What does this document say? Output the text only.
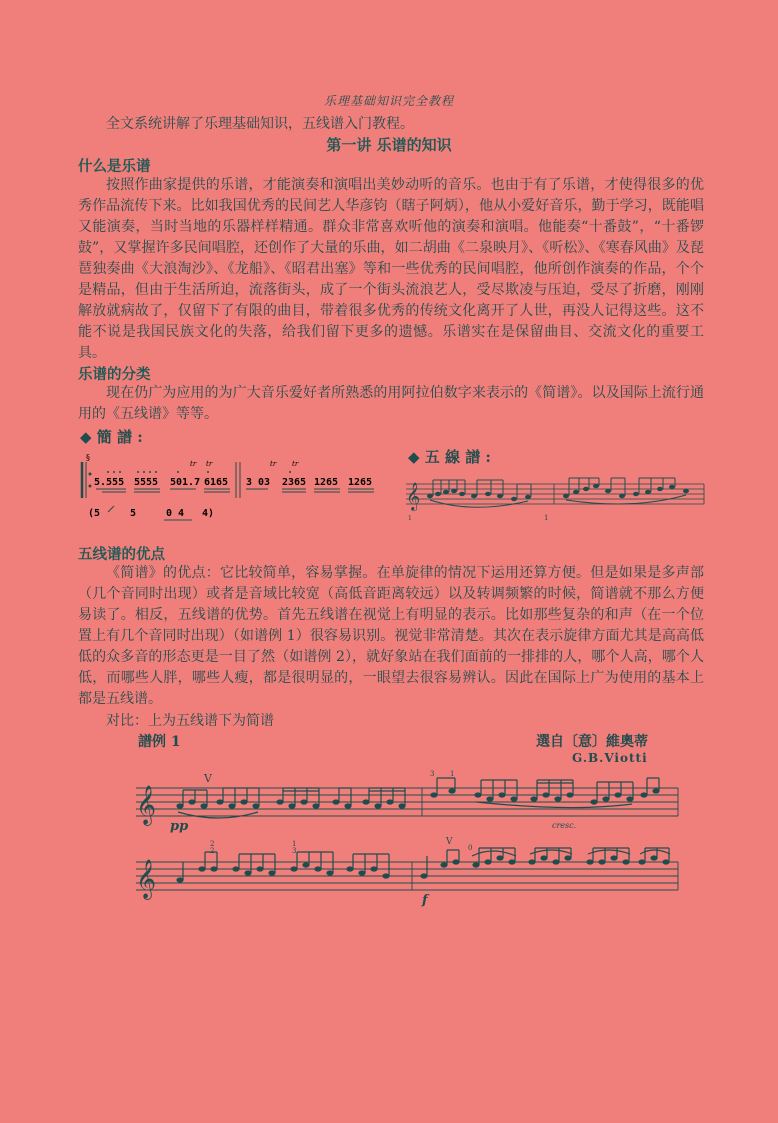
乐理基础知识完全教程
全文系统讲解了乐理基础知识，五线谱入门教程。
第一讲 乐谱的知识
什么是乐谱

按照作曲家提供的乐谱，才能演奏和演唱出美妙动听的音乐。也由于有了乐谱，才使得很多的优秀作品流传下来。比如我国优秀的民间艺人华彦钧（瞎子阿炳），他从小爱好音乐，勤于学习，既能唱又能演奏，当时当地的乐器样样精通。群众非常喜欢听他的演奏和演唱。他能奏“十番鼓”，“十番锣鼓”，又掌握许多民间唱腔，还创作了大量的乐曲，如二胡曲《二泉映月》、《听松》、《寒春风曲》及琵琶独奏曲《大浪淘沙》、《龙船》、《昭君出塞》等和一些优秀的民间唱腔，他所创作演奏的作品，个个是精品，但由于生活所迫，流落街头，成了一个街头流浪艺人，受尽欺凌与压迫，受尽了折磨，刚刚解放就病故了，仅留下了有限的曲目，带着很多优秀的传统文化离开了人世，再没人记得这些。这不能不说是我国民族文化的失落，给我们留下更多的遗憾。乐谱实在是保留曲目、交流文化的重要工具。

乐谱的分类

现在仍广为应用的为广大音乐爱好者所熟悉的用阿拉伯数字来表示的《简谱》。以及国际上流行通用的《五线谱》等等。

◆ 簡 譜 :
§
tr tr	tr tr
5.555 5555 501.7 6165 3 03 2365 1265 1265
(5	5	0 4 4)
◆ 五 線 譜 :
𝄞
1	1
五线谱的优点

《简谱》的优点：它比较简单，容易掌握。在单旋律的情况下运用还算方便。但是如果是多声部（几个音同时出现）或者是音域比较宽（高低音距离较远）以及转调频繁的时候，简谱就不那么方便易读了。相反，五线谱的优势。首先五线谱在视觉上有明显的表示。比如那些复杂的和声（在一个位置上有几个音同时出现）（如谱例 1）很容易识别。视觉非常清楚。其次在表示旋律方面尤其是高高低低的众多音的形态更是一目了然（如谱例 2），就好象站在我们面前的一排排的人，哪个人高，哪个人低，而哪些人胖，哪些人瘦，都是很明显的，一眼望去很容易辨认。因此在国际上广为使用的基本上都是五线谱。

对比：上为五线谱下为简谱
譜例 1	選自〔意〕維奧蒂
G.B.Viotti
𝄞
pp	cresc.
V	3 1
𝄞
2
2
1
3	0
V
f
